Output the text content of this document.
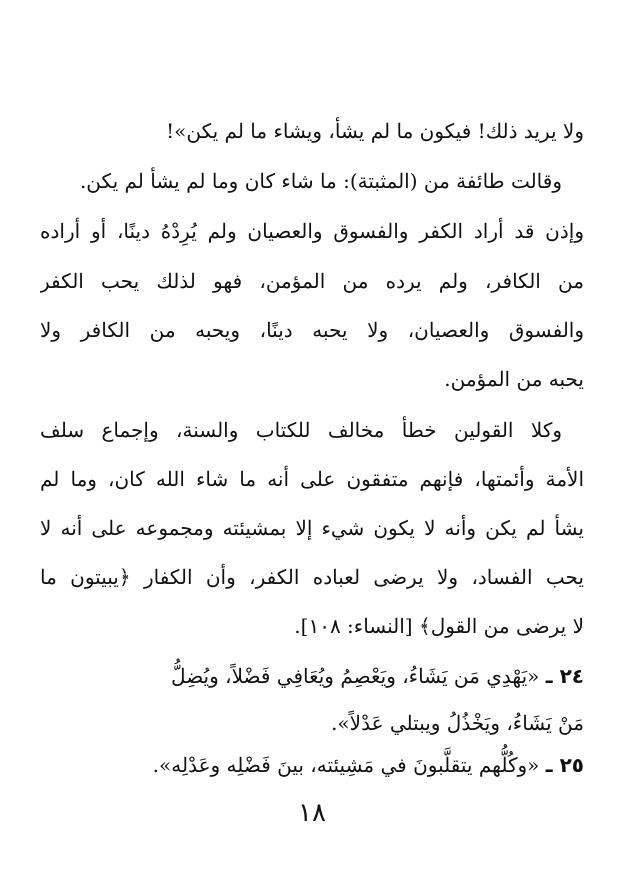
ولا يريد ذلك! فيكون ما لم يشأ، ويشاء ما لم يكن»!
وقالت طائفة من (المثبتة): ما شاء كان وما لم يشأ لم يكن.
وإذن قد أراد الكفر والفسوق والعصيان ولم يُرِدْهُ دينًا، أو أراده
من الكافر، ولم يرده من المؤمن، فهو لذلك يحب الكفر
والفسوق والعصيان، ولا يحبه دينًا، ويحبه من الكافر ولا
يحبه من المؤمن.
وكلا القولين خطأ مخالف للكتاب والسنة، وإجماع سلف
الأمة وأئمتها، فإنهم متفقون على أنه ما شاء الله كان، وما لم
يشأ لم يكن وأنه لا يكون شيء إلا بمشيئته ومجموعه على أنه لا
يحب الفساد، ولا يرضى لعباده الكفر، وأن الكفار ﴿يبيتون ما
لا يرضى من القول﴾ [النساء: ١٠٨].
٢٤ ـ «يَهْدِي مَن يَشَاءُ، ويَعْصِمُ ويُعَافِي فَضْلاً، ويُضِلُّ
مَنْ يَشَاءُ، ويَخْذُلُ ويبتلي عَدْلاً».
٢٥ ـ «وكُلُّهم يتقلَّبونَ في مَشِيئته، بينَ فَضْلِه وعَدْلِه».
١٨
